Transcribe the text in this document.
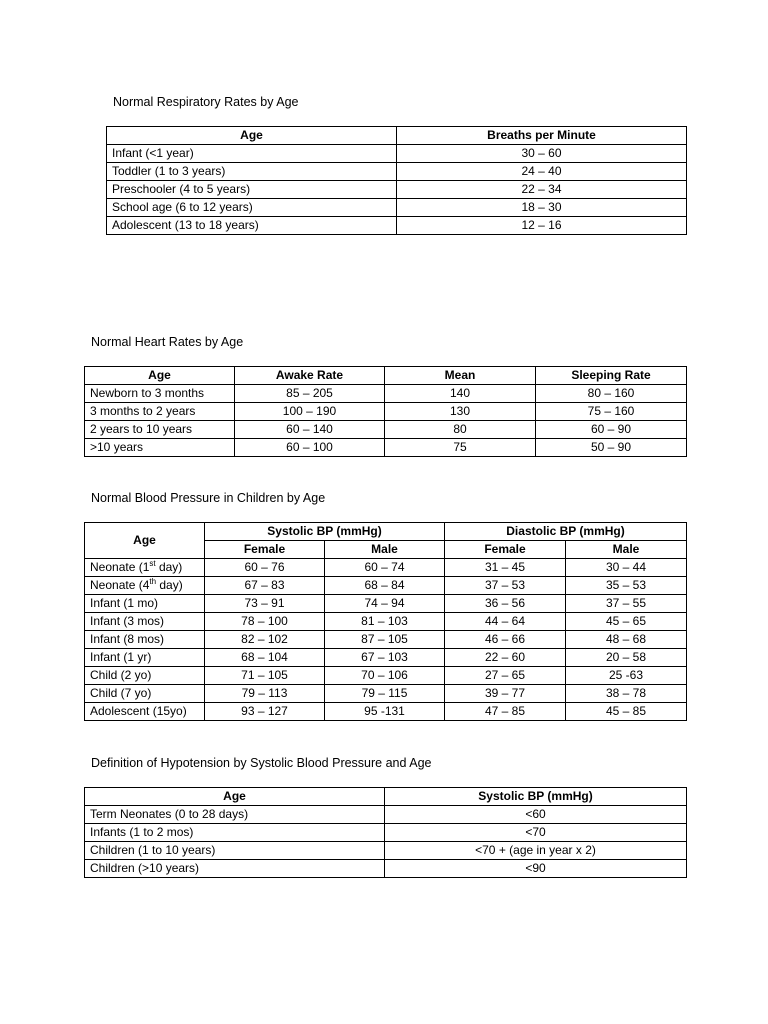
Normal Respiratory Rates by Age
Age	Breaths per Minute
Infant (<1 year)	30 – 60
Toddler (1 to 3 years)	24 – 40
Preschooler (4 to 5 years)	22 – 34
School age (6 to 12 years)	18 – 30
Adolescent (13 to 18 years)	12 – 16
Normal Heart Rates by Age
Age	Awake Rate	Mean	Sleeping Rate
Newborn to 3 months	85 – 205	140	80 – 160
3 months to 2 years	100 – 190	130	75 – 160
2 years to 10 years	60 – 140	80	60 – 90
>10 years	60 – 100	75	50 – 90
Normal Blood Pressure in Children by Age
Age	Systolic BP (mmHg)		Diastolic BP (mmHg)	
	Female	Male	Female	Male
Neonate (1st day)	60 – 76	60 – 74	31 – 45	30 – 44
Neonate (4th day)	67 – 83	68 – 84	37 – 53	35 – 53
Infant (1 mo)	73 – 91	74 – 94	36 – 56	37 – 55
Infant (3 mos)	78 – 100	81 – 103	44 – 64	45 – 65
Infant (8 mos)	82 – 102	87 – 105	46 – 66	48 – 68
Infant (1 yr)	68 – 104	67 – 103	22 – 60	20 – 58
Child (2 yo)	71 – 105	70 – 106	27 – 65	25 -63
Child (7 yo)	79 – 113	79 – 115	39 – 77	38 – 78
Adolescent (15yo)	93 – 127	95 -131	47 – 85	45 – 85
Definition of Hypotension by Systolic Blood Pressure and Age
Age	Systolic BP (mmHg)
Term Neonates (0 to 28 days)	<60
Infants (1 to 2 mos)	<70
Children (1 to 10 years)	<70 + (age in year x 2)
Children (>10 years)	<90
